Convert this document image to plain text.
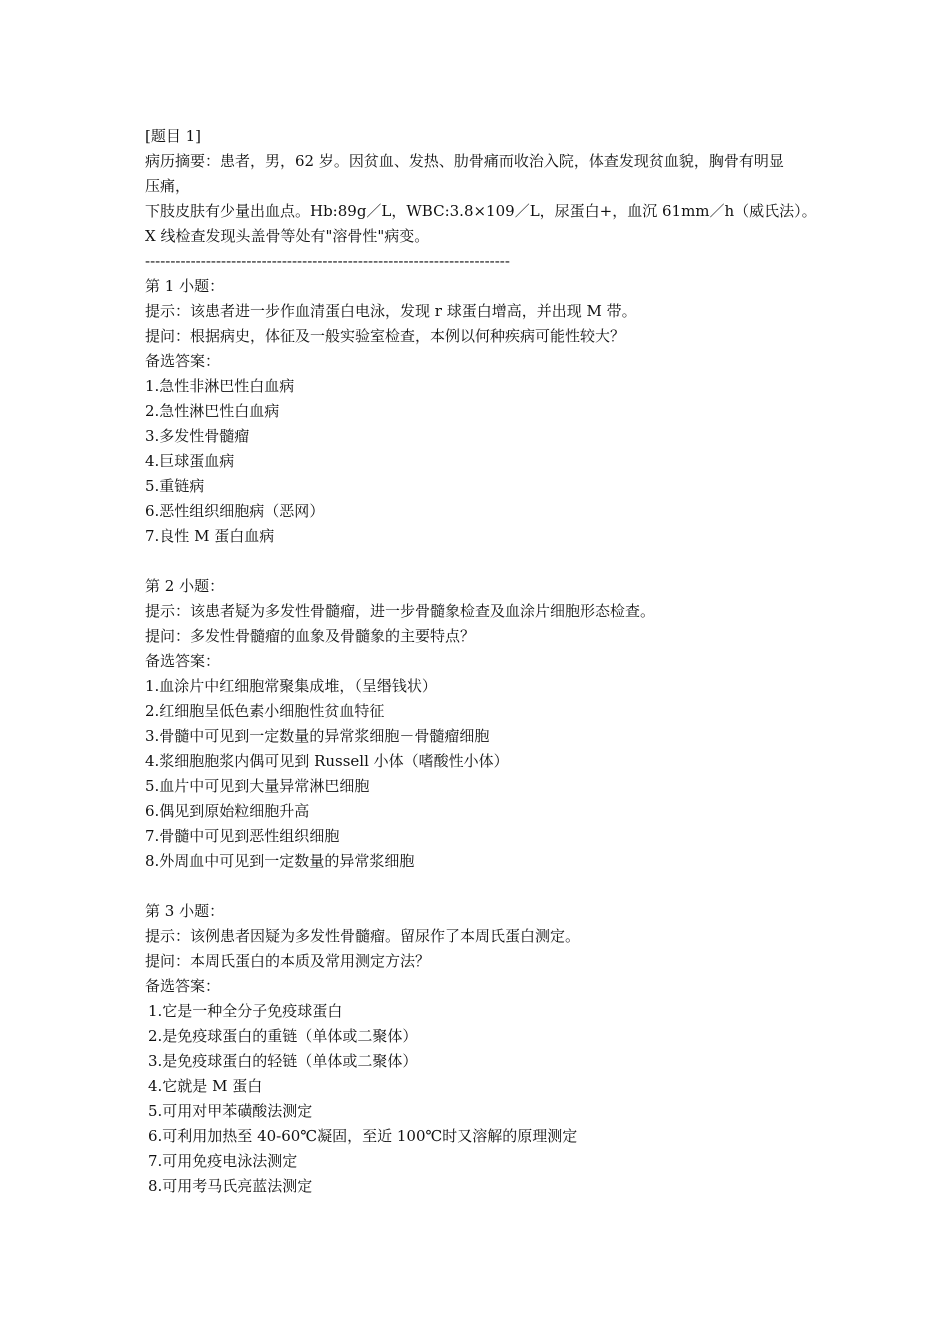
[题目 1]
病历摘要：患者，男，62 岁。因贫血、发热、肋骨痛而收治入院，体查发现贫血貌，胸骨有明显
压痛，
下肢皮肤有少量出血点。Hb:89g／L，WBC:3.8×109／L，尿蛋白+，血沉 61mm／h（威氏法）。
X 线检查发现头盖骨等处有"溶骨性"病变。
------------------------------------------------------------------------
第 1 小题：
提示：该患者进一步作血清蛋白电泳，发现 r 球蛋白增高，并出现 M 带。
提问：根据病史，体征及一般实验室检查，本例以何种疾病可能性较大？
备选答案：
1.急性非淋巴性白血病
2.急性淋巴性白血病
3.多发性骨髓瘤
4.巨球蛋血病
5.重链病
6.恶性组织细胞病（恶网）
7.良性 M 蛋白血病
第 2 小题：
提示：该患者疑为多发性骨髓瘤，进一步骨髓象检查及血涂片细胞形态检查。
提问：多发性骨髓瘤的血象及骨髓象的主要特点？
备选答案：
1.血涂片中红细胞常聚集成堆，（呈缗钱状）
2.红细胞呈低色素小细胞性贫血特征
3.骨髓中可见到一定数量的异常浆细胞－骨髓瘤细胞
4.浆细胞胞浆内偶可见到 Russell 小体（嗜酸性小体）
5.血片中可见到大量异常淋巴细胞
6.偶见到原始粒细胞升高
7.骨髓中可见到恶性组织细胞
8.外周血中可见到一定数量的异常浆细胞
第 3 小题：
提示：该例患者因疑为多发性骨髓瘤。留尿作了本周氏蛋白测定。
提问：本周氏蛋白的本质及常用测定方法？
备选答案：
1.它是一种全分子免疫球蛋白
2.是免疫球蛋白的重链（单体或二聚体）
3.是免疫球蛋白的轻链（单体或二聚体）
4.它就是 M 蛋白
5.可用对甲苯磺酸法测定
6.可利用加热至 40-60℃凝固，至近 100℃时又溶解的原理测定
7.可用免疫电泳法测定
8.可用考马氏亮蓝法测定
